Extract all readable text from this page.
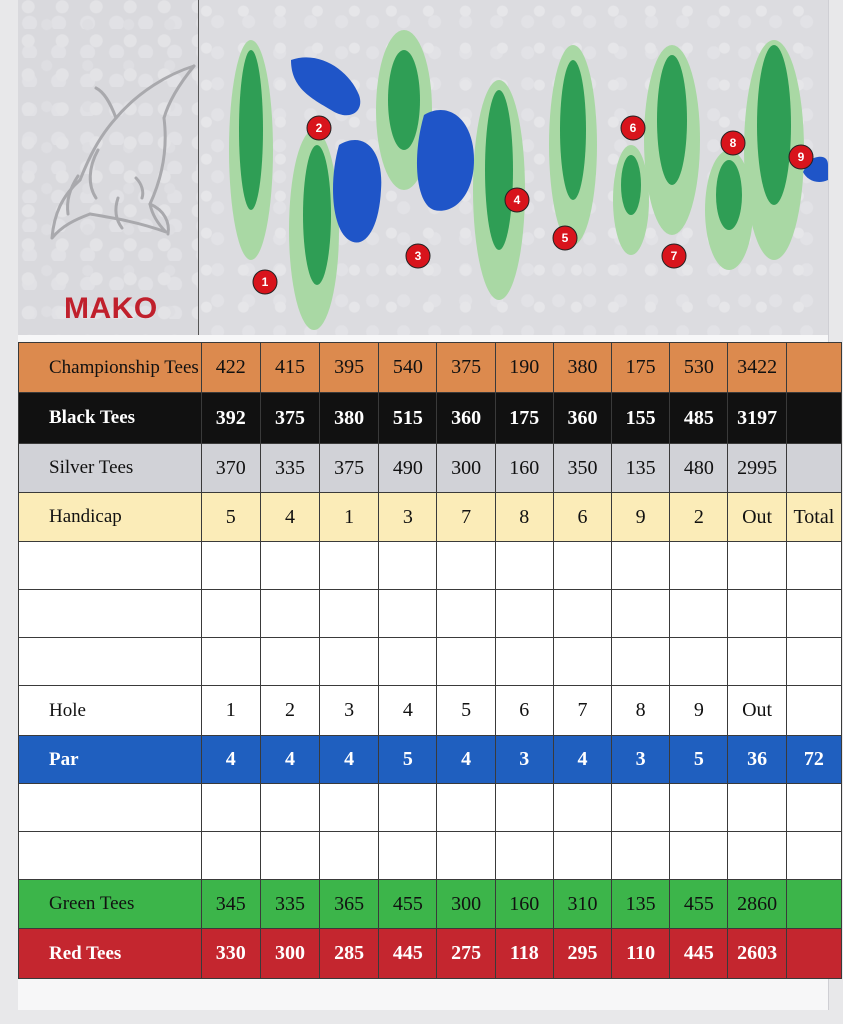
MAKO
1
2
3
4
5
6
7
8
9
Championship Tees	422	415	395	540	375	190	380	175	530	3422	
Black Tees	392	375	380	515	360	175	360	155	485	3197	
Silver Tees	370	335	375	490	300	160	350	135	480	2995	
Handicap	5	4	1	3	7	8	6	9	2	Out	Total

Hole	1	2	3	4	5	6	7	8	9	Out	
Par	4	4	4	5	4	3	4	3	5	36	72

Green Tees	345	335	365	455	300	160	310	135	455	2860	
Red Tees	330	300	285	445	275	118	295	110	445	2603	
